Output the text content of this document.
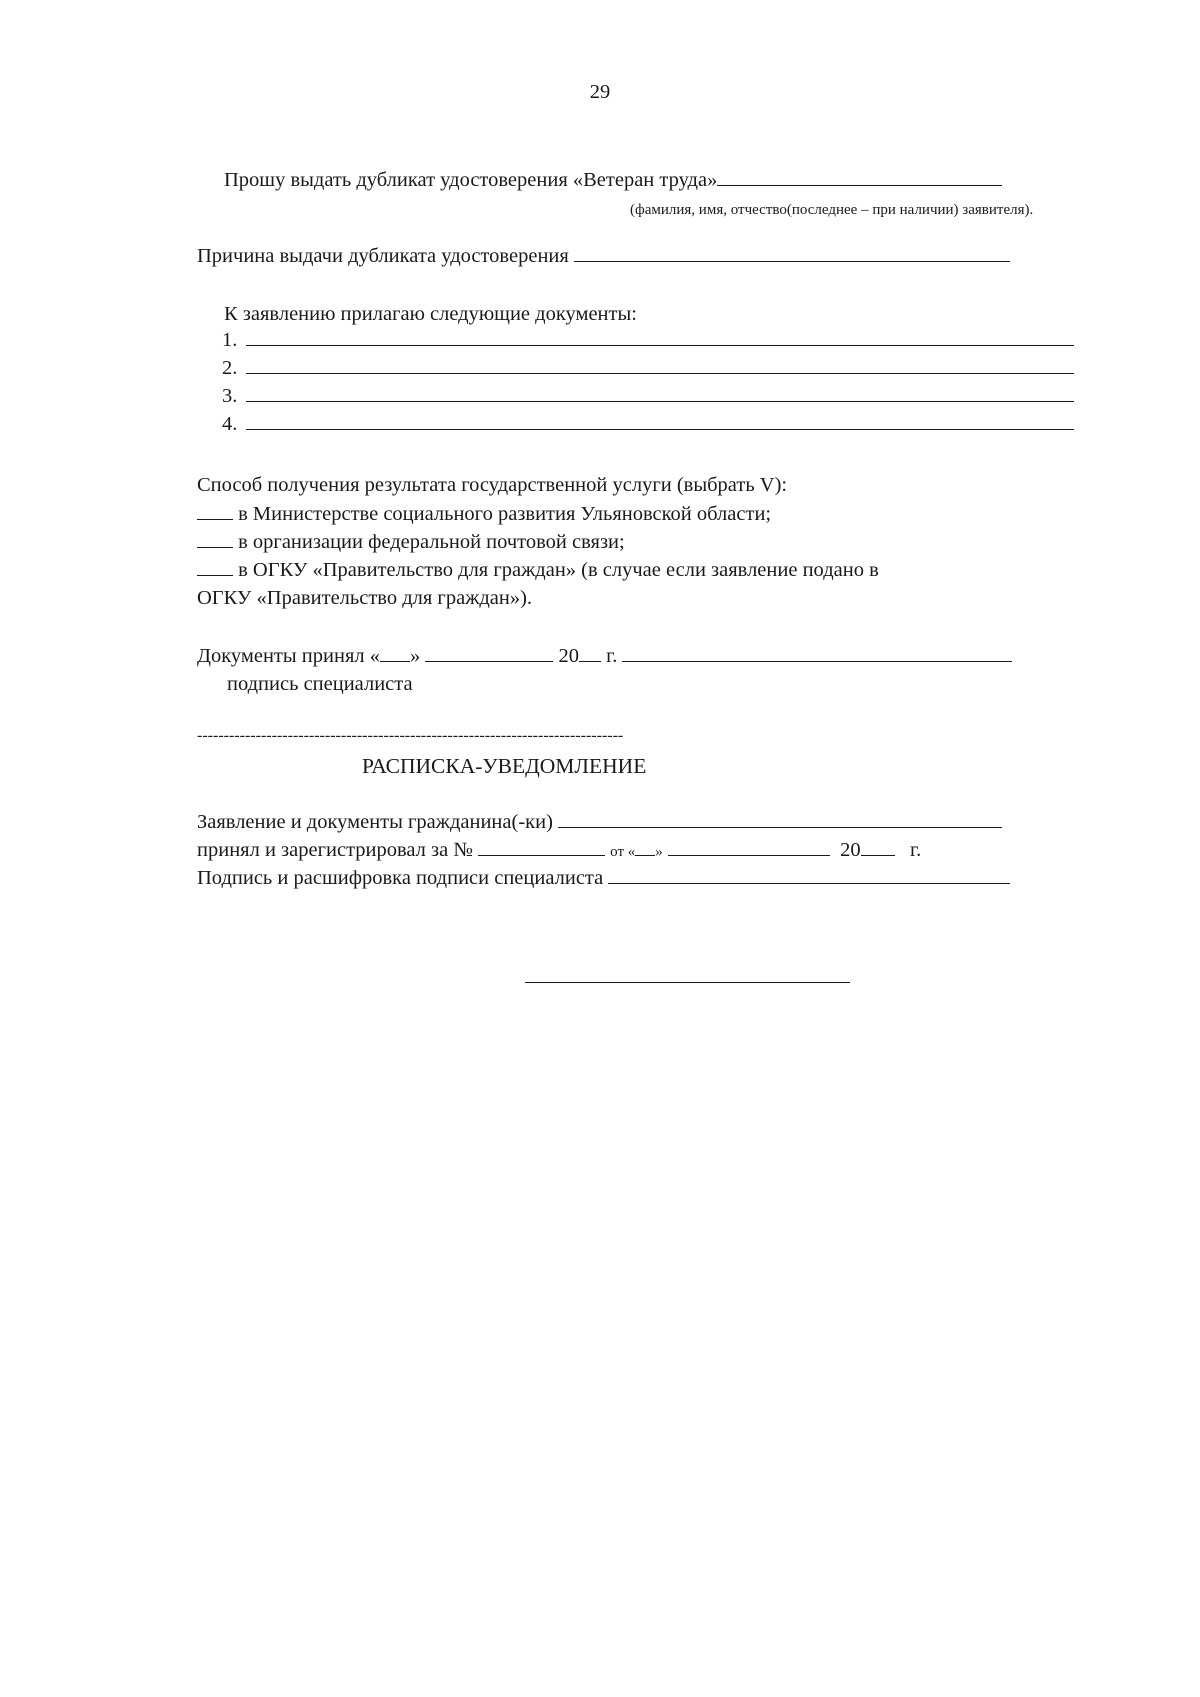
29
Прошу выдать дубликат удостоверения «Ветеран труда»
(фамилия, имя, отчество(последнее – при наличии) заявителя).
Причина выдачи дубликата удостоверения
К заявлению прилагаю следующие документы:
1.
2.
3.
4.
Способ получения результата государственной услуги (выбрать V):
в Министерстве социального развития Ульяновской области;
в организации федеральной почтовой связи;
в ОГКУ «Правительство для граждан» (в случае если заявление подано в
ОГКУ «Правительство для граждан»).
Документы принял « »	20 г.
подпись специалиста
--------------------------------------------------------------------------------
РАСПИСКА-УВЕДОМЛЕНИЕ
Заявление и документы гражданина(-ки)
принял и зарегистрировал за №	от « »	20 г.
Подпись и расшифровка подписи специалиста
